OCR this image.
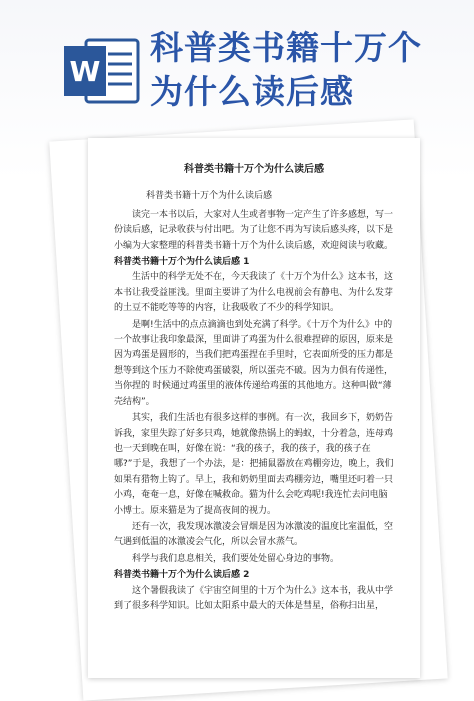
W
科普类书籍十万个
为什么读后感
科普类书籍十万个为什么读后感
科普类书籍十万个为什么读后感
读完一本书以后，大家对人生或者事物一定产生了许多感想，写一份读后感，记录收获与付出吧。为了让您不再为写读后感头疼，以下是小编为大家整理的科普类书籍十万个为什么读后感，欢迎阅读与收藏。
科普类书籍十万个为什么读后感 1
生活中的科学无处不在，今天我读了《十万个为什么》这本书，这本书让我受益匪浅。里面主要讲了为什么电视前会有静电、为什么发芽的土豆不能吃等等的内容，让我吸收了不少的科学知识。
是啊!生活中的点点滴滴也到处充满了科学。《十万个为什么》中的一个故事让我印象最深，里面讲了鸡蛋为什么很难捏碎的原因，原来是因为鸡蛋是圆形的，当我们把鸡蛋捏在手里时，它表面所受的压力都是想等到这个压力不除使鸡蛋破裂，所以蛋壳不破。因为力俱有传递性，当你捏的 时候通过鸡蛋里的液体传递给鸡蛋的其他地方。这种叫做“薄壳结构”。
其实，我们生活也有很多这样的事例。有一次，我回乡下，奶奶告诉我，家里失踪了好多只鸡，她就像热锅上的蚂蚁，十分着急，连母鸡也一天到晚在叫，好像在说：“我的孩子，我的孩子，我的孩子在哪?”于是，我想了一个办法，是：把捕鼠器放在鸡棚旁边，晚上，我们如果有猎物上钩了。早上，我和奶奶里面去鸡棚旁边，嘴里还叼着一只小鸡，奄奄一息，好像在喊救命。猫为什么会吃鸡呢!我连忙去问电脑小博士。原来猫是为了提高夜间的视力。
还有一次，我发现冰激凌会冒烟是因为冰激凌的温度比室温低，空气遇到低温的冰激凌会气化，所以会冒水蒸气。
科学与我们息息相关，我们要处处留心身边的事物。
科普类书籍十万个为什么读后感 2
这个暑假我读了《宇宙空间里的十万个为什么》这本书，我从中学到了很多科学知识。比如太阳系中最大的天体是彗星，俗称扫出星，
